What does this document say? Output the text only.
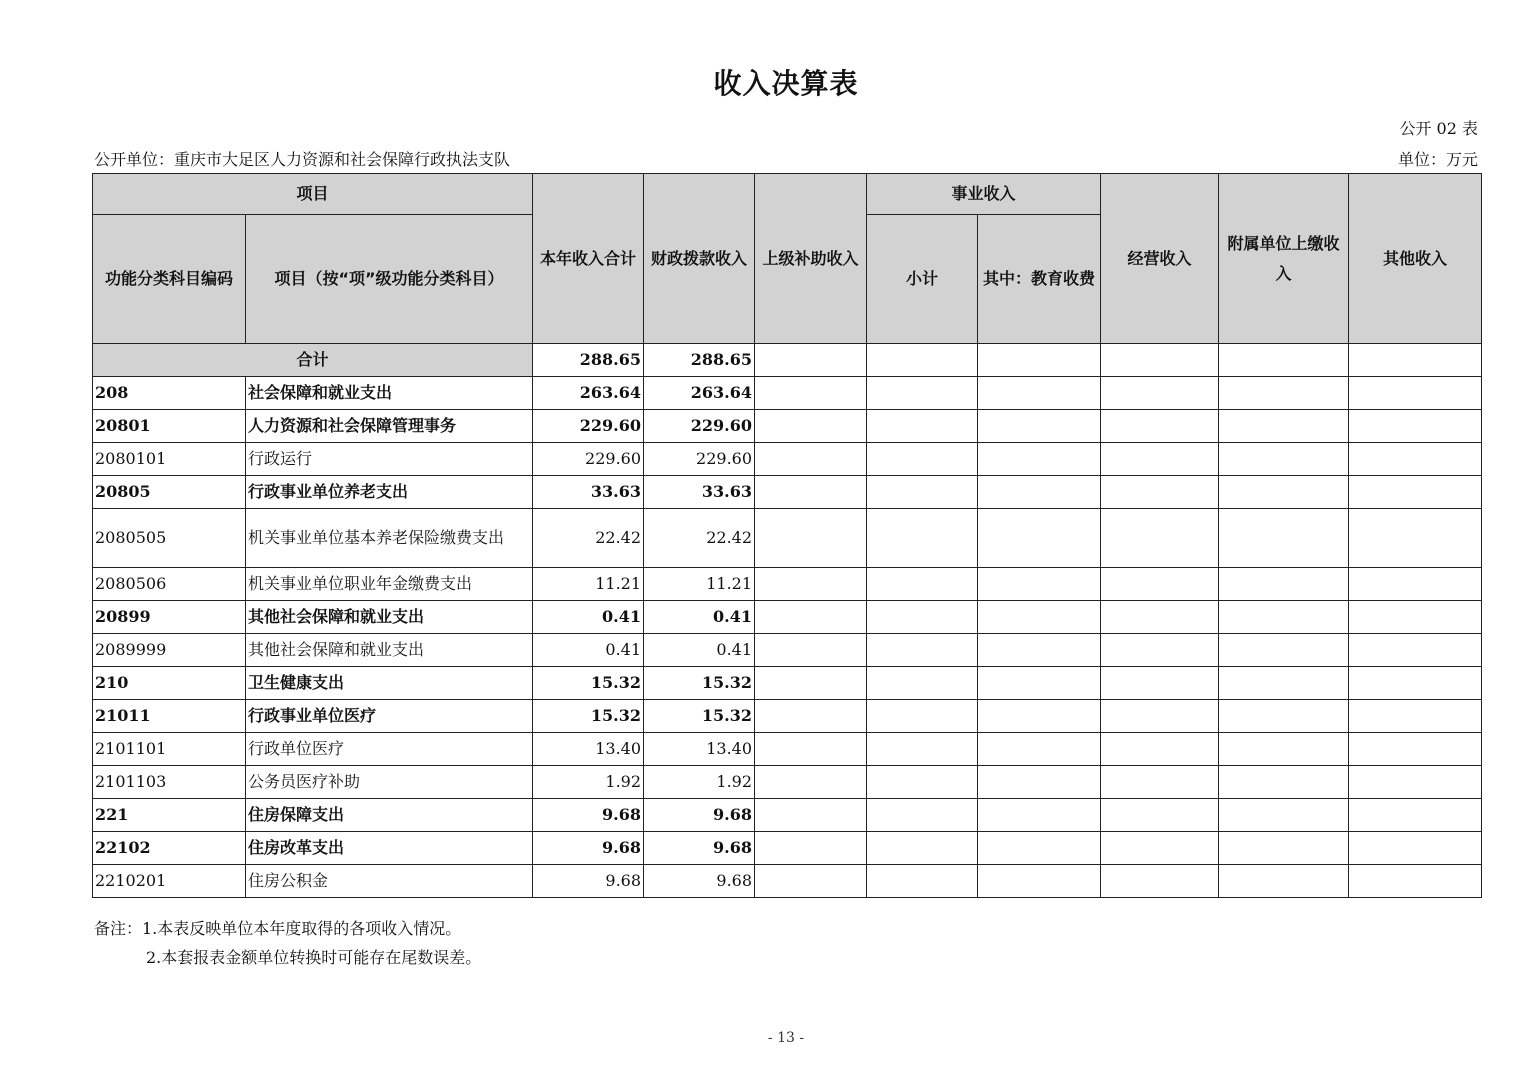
收入决算表
公开 02 表
公开单位：重庆市大足区人力资源和社会保障行政执法支队	单位：万元
项目		本年收入合计	财政拨款收入	上级补助收入	事业收入		经营收入	附属单位上缴收入	其他收入
功能分类科目编码	项目（按“项”级功能分类科目）				小计	其中：教育收费			
合计		288.65	288.65						
208	社会保障和就业支出	263.64	263.64						
20801	人力资源和社会保障管理事务	229.60	229.60						
2080101	行政运行	229.60	229.60						
20805	行政事业单位养老支出	33.63	33.63						
2080505	机关事业单位基本养老保险缴费支出	22.42	22.42						
2080506	机关事业单位职业年金缴费支出	11.21	11.21						
20899	其他社会保障和就业支出	0.41	0.41						
2089999	其他社会保障和就业支出	0.41	0.41						
210	卫生健康支出	15.32	15.32						
21011	行政事业单位医疗	15.32	15.32						
2101101	行政单位医疗	13.40	13.40						
2101103	公务员医疗补助	1.92	1.92						
221	住房保障支出	9.68	9.68						
22102	住房改革支出	9.68	9.68						
2210201	住房公积金	9.68	9.68						
备注：1.本表反映单位本年度取得的各项收入情况。
2.本套报表金额单位转换时可能存在尾数误差。
- 13 -
